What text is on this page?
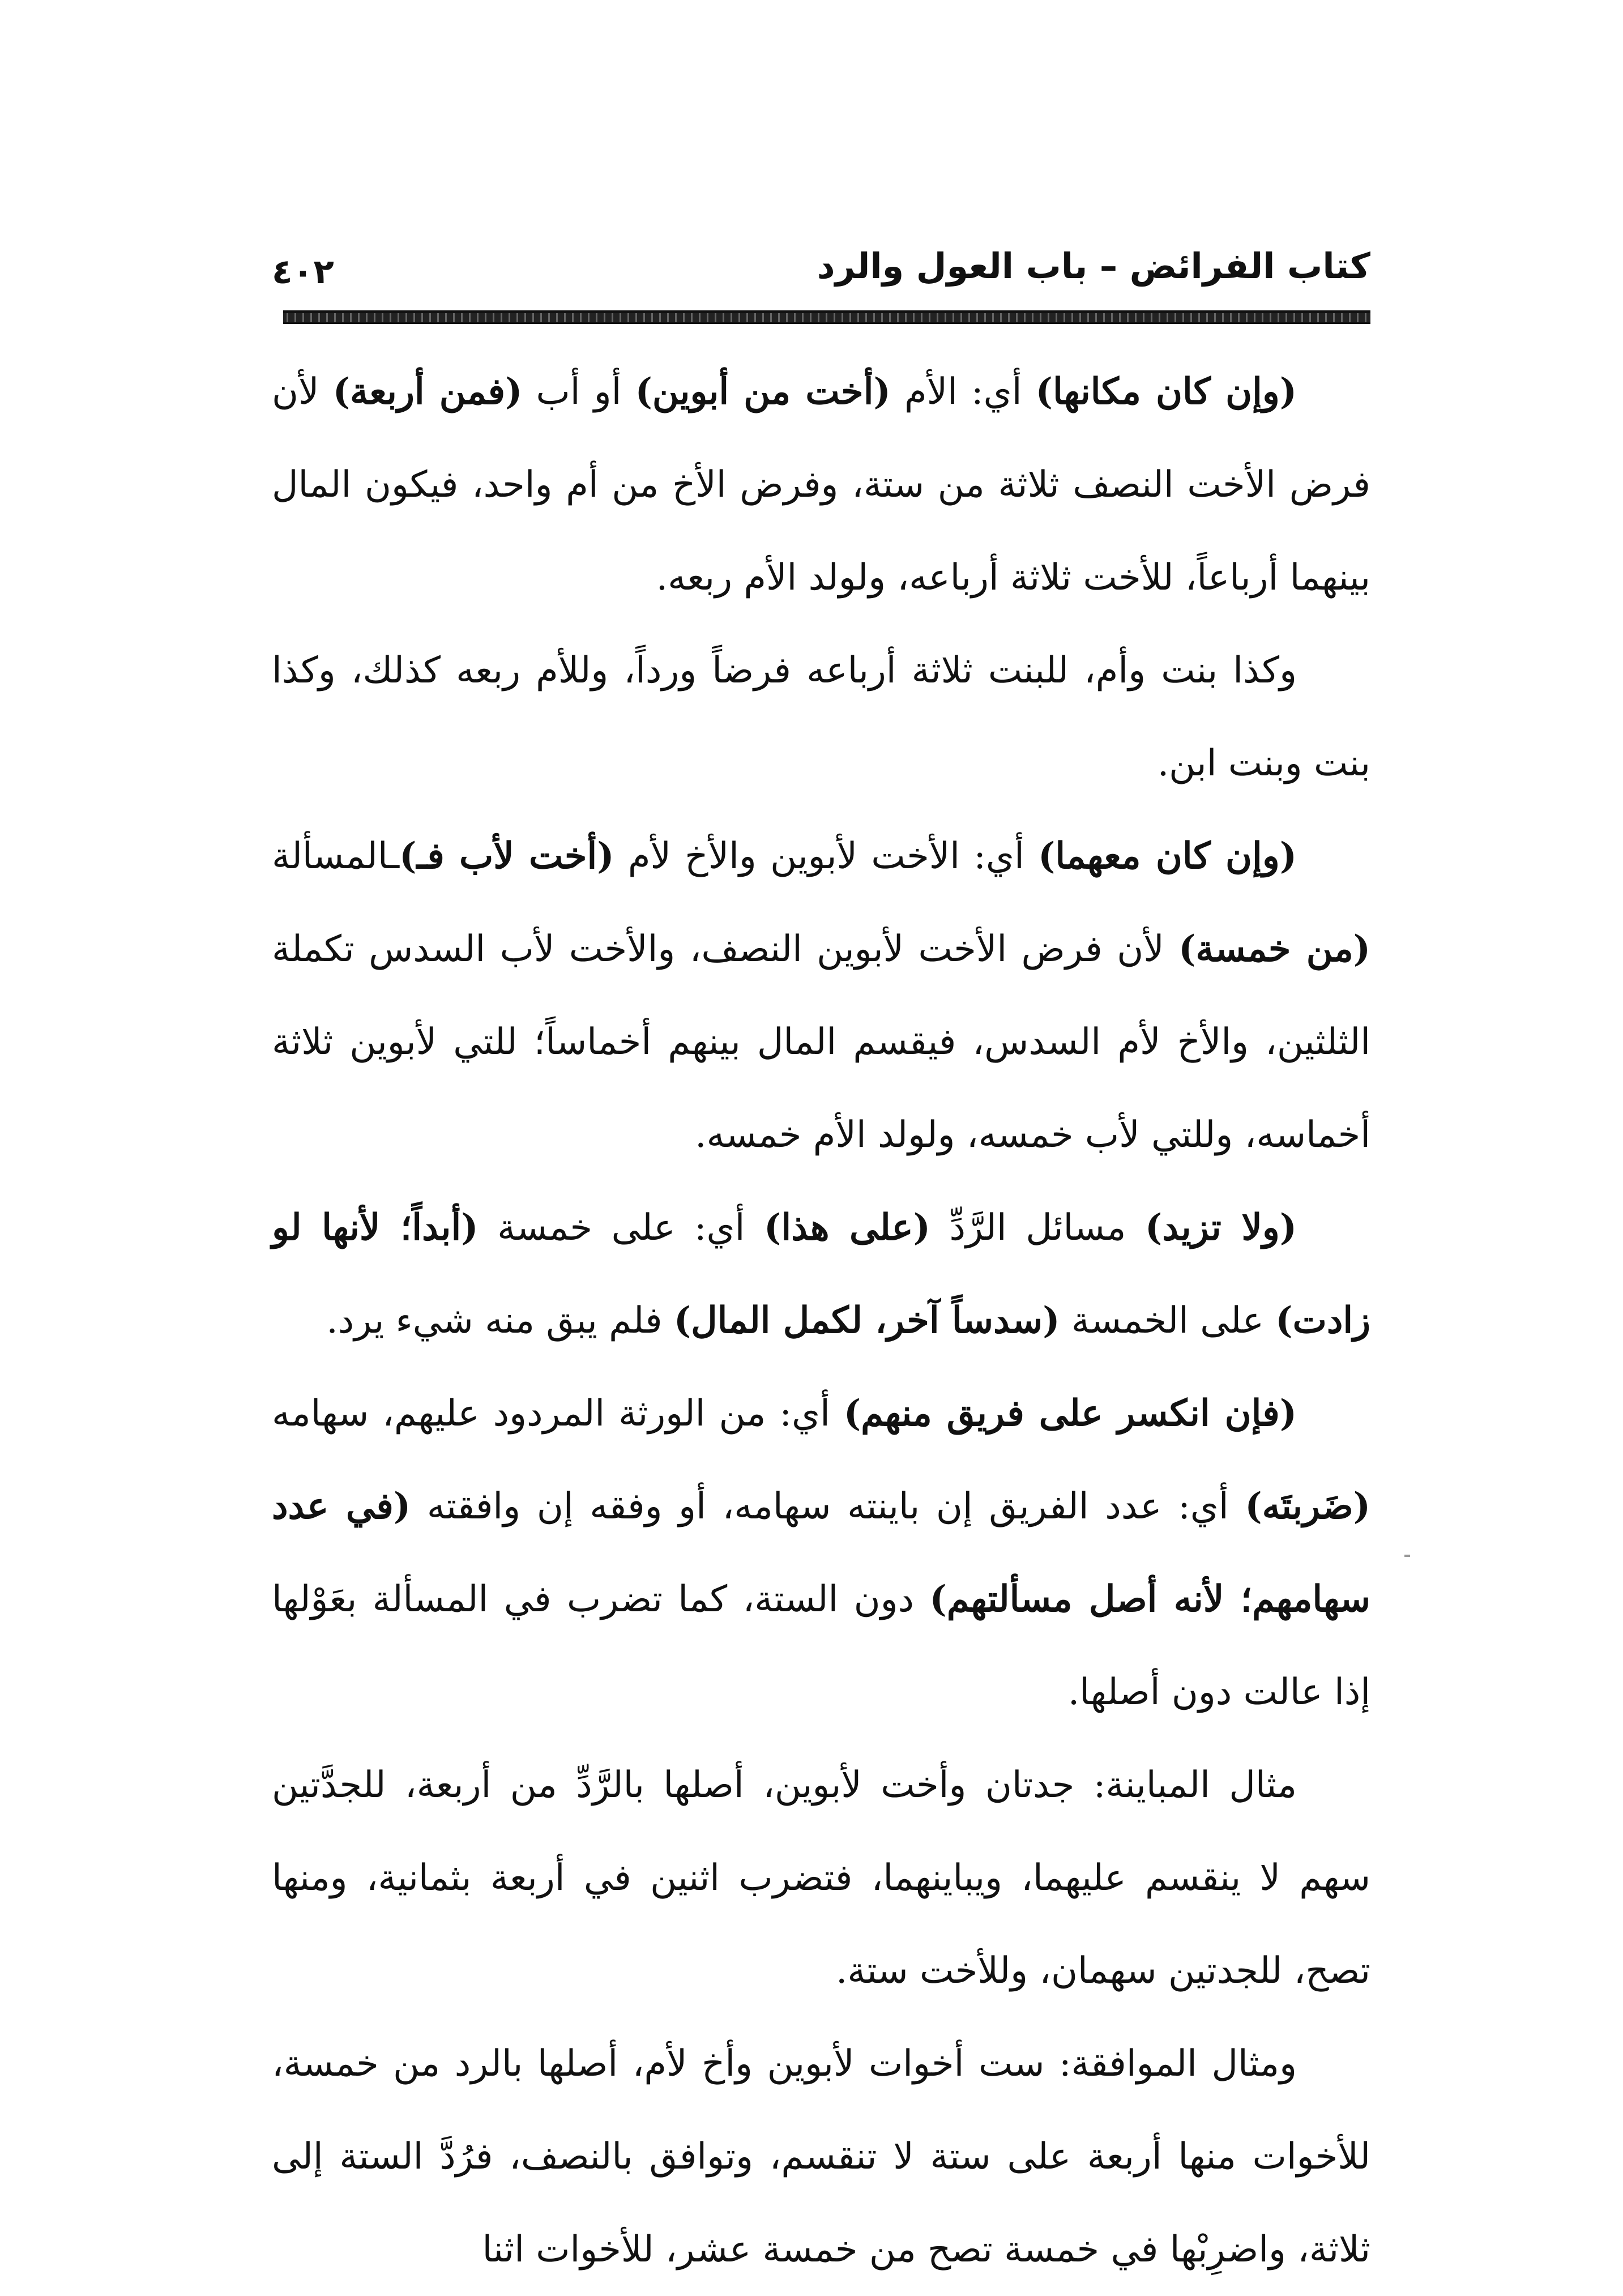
كتاب الفرائض – باب العول والرد
٤٠٢

(وإن كان مكانها) أي: الأم (أخت من أبوين) أو أب (فمن أربعة) لأن فرض الأخت النصف ثلاثة من ستة، وفرض الأخ من أم واحد، فيكون المال بينهما أرباعاً، للأخت ثلاثة أرباعه، ولولد الأم ربعه.

وكذا بنت وأم، للبنت ثلاثة أرباعه فرضاً ورداً، وللأم ربعه كذلك، وكذا بنت وبنت ابن.

(وإن كان معهما) أي: الأخت لأبوين والأخ لأم (أخت لأب فـ)ـالمسألة (من خمسة) لأن فرض الأخت لأبوين النصف، والأخت لأب السدس تكملة الثلثين، والأخ لأم السدس، فيقسم المال بينهم أخماساً؛ للتي لأبوين ثلاثة أخماسه، وللتي لأب خمسه، ولولد الأم خمسه.

(ولا تزيد) مسائل الرَّدِّ (على هذا) أي: على خمسة (أبداً؛ لأنها لو زادت) على الخمسة (سدساً آخر، لكمل المال) فلم يبق منه شيء يرد.

(فإن انكسر على فريق منهم) أي: من الورثة المردود عليهم، سهامه (ضَربتَه) أي: عدد الفريق إن باينته سهامه، أو وفقه إن وافقته (في عدد سهامهم؛ لأنه أصل مسألتهم) دون الستة، كما تضرب في المسألة بعَوْلها إذا عالت دون أصلها.

مثال المباينة: جدتان وأخت لأبوين، أصلها بالرَّدِّ من أربعة، للجدَّتين سهم لا ينقسم عليهما، ويباينهما، فتضرب اثنين في أربعة بثمانية، ومنها تصح، للجدتين سهمان، وللأخت ستة.

ومثال الموافقة: ست أخوات لأبوين وأخ لأم، أصلها بالرد من خمسة، للأخوات منها أربعة على ستة لا تنقسم، وتوافق بالنصف، فرُدَّ الستة إلى ثلاثة، واضرِبْها في خمسة تصح من خمسة عشر، للأخوات اثنا
